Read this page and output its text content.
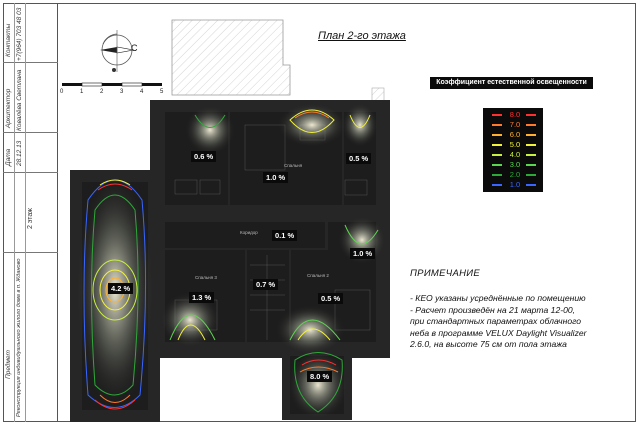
Контакты +7(964) 703 48 03
Архитектор Ковалёва Светлана
Дата 28.12.13
2 этаж
Предмет Реконструкция индивидуального жилого дома в п. Жданово
С
0	1	2	3	4	5
План 2-го этажа
Спальня
Коридор
Спальня 3	Спальня 2
0.6 %
1.0 %
0.5 %
0.1 %
1.0 %
4.2 %
1.3 %
0.7 %
0.5 %
8.0 %
Коэффициент естественной освещенности
8.0
7.0
6.0
5.0
4.0
3.0
2.0
1.0
ПРИМЕЧАНИЕ
- КЕО указаны усреднённые по помещению
- Расчет произведён на 21 марта 12-00,
при стандартных параметрах облачного
неба в программе VELUX Daylight Visualizer
2.6.0, на высоте 75 см от пола этажа
